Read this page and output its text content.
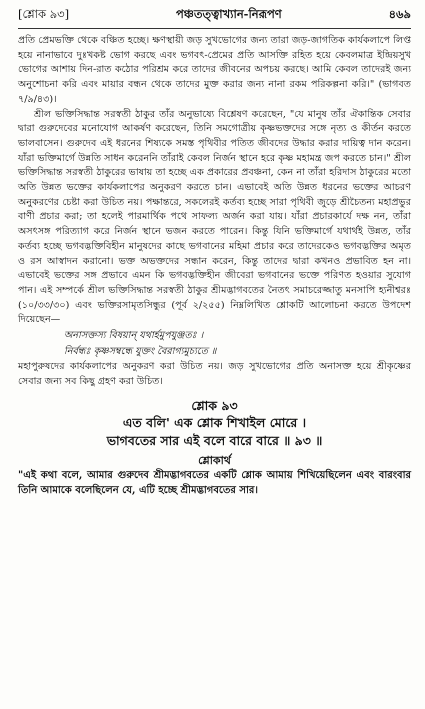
[শ্লোক ৯৩]	পঞ্চতত্ত্বাখ্যান-নিরূপণ	৪৬৯

প্রতি প্রেমভক্তি থেকে বঞ্চিত হচ্ছে। ক্ষণস্থায়ী জড় সুখভোগের জন্য তারা জড়-জাগতিক কার্যকলাপে লিপ্ত হয়ে নানাভাবে দুঃখকষ্ট ভোগ করছে এবং ভগবৎ-প্রেমের প্রতি আসক্তি রহিত হয়ে কেবলমাত্র ইন্দ্রিয়সুখ ভোগের আশায় দিন-রাত কঠোর পরিশ্রম করে তাদের জীবনের অপচয় করছে। আমি কেবল তাদেরই জন্য অনুশোচনা করি এবং মায়ার বন্ধন থেকে তাদের মুক্ত করার জন্য নানা রকম পরিকল্পনা করি।" (ভাগবত ৭/৯/৪৩)।

শ্রীল ভক্তিসিদ্ধান্ত সরস্বতী ঠাকুর তাঁর অনুভাষ্যে বিশ্লেষণ করেছেন, "যে মানুষ তাঁর ঐকান্তিক সেবার দ্বারা গুরুদেবের মনোযোগ আকর্ষণ করেছেন, তিনি সমগোত্রীয় কৃষ্ণভক্তদের সঙ্গে নৃত্য ও কীর্তন করতে ভালবাসেন। গুরুদেব এই ধরনের শিষ্যকে সমস্ত পৃথিবীর পতিত জীবদের উদ্ধার করার দায়িত্ব দান করেন। যাঁরা ভক্তিমার্গে উন্নতি সাধন করেননি তাঁরাই কেবল নির্জন স্থানে হরে কৃষ্ণ মহামন্ত্র জপ করতে চান।" শ্রীল ভক্তিসিদ্ধান্ত সরস্বতী ঠাকুরের ভাষায় তা হচ্ছে এক প্রকারের প্রবঞ্চনা, কেন না তাঁরা হরিদাস ঠাকুরের মতো অতি উন্নত ভক্তের কার্যকলাপের অনুকরণ করতে চান। এভাবেই অতি উন্নত ধরনের ভক্তের আচরণ অনুকরণের চেষ্টা করা উচিত নয়। পক্ষান্তরে, সকলেরই কর্তব্য হচ্ছে সারা পৃথিবী জুড়ে শ্রীচৈতন্য মহাপ্রভুর বাণী প্রচার করা; তা হলেই পারমার্থিক পথে সাফল্য অর্জন করা যায়। যাঁরা প্রচারকার্যে দক্ষ নন, তাঁরা অসৎসঙ্গ পরিত্যাগ করে নির্জন স্থানে ভজন করতে পারেন। কিন্তু যিনি ভক্তিমার্গে যথার্থই উন্নত, তাঁর কর্তব্য হচ্ছে ভগবদ্ভক্তিবিহীন মানুষদের কাছে ভগবানের মহিমা প্রচার করে তাদেরকেও ভগবদ্ভক্তির অমৃত ও রস আস্বাদন করানো। ভক্ত অভক্তদের সন্ধান করেন, কিন্তু তাদের দ্বারা কখনও প্রভাবিত হন না। এভাবেই ভক্তের সঙ্গ প্রভাবে এমন কি ভগবদ্ভক্তিহীন জীবেরা ভগবানের ভক্তে পরিণত হওয়ার সুযোগ পান। এই সম্পর্কে শ্রীল ভক্তিসিদ্ধান্ত সরস্বতী ঠাকুর শ্রীমদ্ভাগবতের নৈতৎ সমাচরেজ্জাতু মনসাপি হ্যনীশ্বরঃ (১০/৩৩/৩০) এবং ভক্তিরসামৃতসিন্ধুর (পূর্ব ২/২৫৫) নিম্নলিখিত শ্লোকটি আলোচনা করতে উপদেশ দিয়েছেন—

অনাসক্তস্য বিষয়ান্ যথার্হমুপযুঞ্জতঃ ।
নির্বন্ধঃ কৃষ্ণসম্বন্ধে যুক্তং বৈরাগ্যমুচ্যতে ॥

মহাপুরুষদের কার্যকলাপের অনুকরণ করা উচিত নয়। জড় সুখভোগের প্রতি অনাসক্ত হয়ে শ্রীকৃষ্ণের সেবার জন্য সব কিছু গ্রহণ করা উচিত।

শ্লোক ৯৩
এত বলি' এক শ্লোক শিখাইল মোরে ।
ভাগবতের সার এই বলে বারে বারে ॥ ৯৩ ॥
শ্লোকার্থ

"এই কথা বলে, আমার গুরুদেব শ্রীমদ্ভাগবতের একটি শ্লোক আমায় শিখিয়েছিলেন এবং বারংবার তিনি আমাকে বলেছিলেন যে, এটি হচ্ছে শ্রীমদ্ভাগবতের সার।
